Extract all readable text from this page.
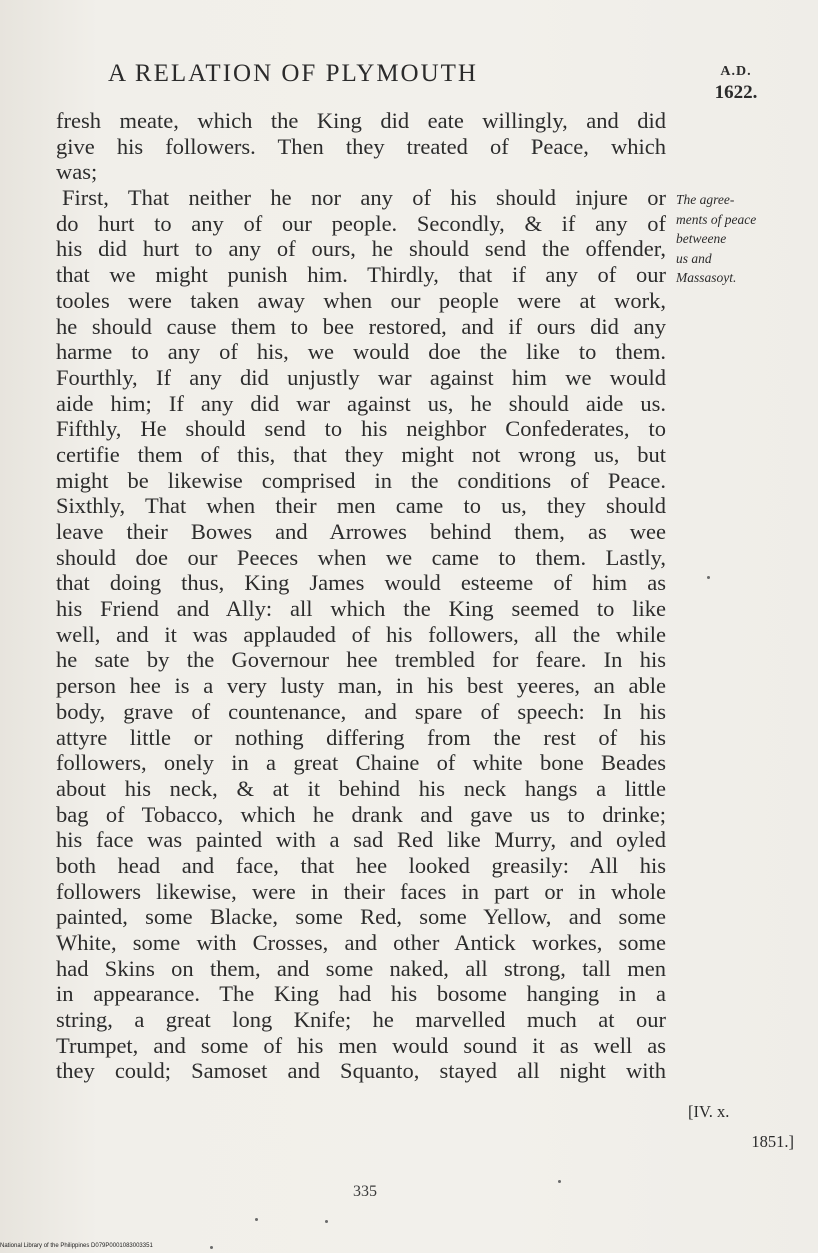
A RELATION OF PLYMOUTH	A.D.
1622.
fresh meate, which the King did eate willingly, and did
give his followers. Then they treated of Peace, which
was;
First, That neither he nor any of his should injure or
do hurt to any of our people. Secondly, & if any of
his did hurt to any of ours, he should send the offender,
that we might punish him. Thirdly, that if any of our
tooles were taken away when our people were at work,
he should cause them to bee restored, and if ours did any
harme to any of his, we would doe the like to them.
Fourthly, If any did unjustly war against him we would
aide him; If any did war against us, he should aide us.
Fifthly, He should send to his neighbor Confederates, to
certifie them of this, that they might not wrong us, but
might be likewise comprised in the conditions of Peace.
Sixthly, That when their men came to us, they should
leave their Bowes and Arrowes behind them, as wee
should doe our Peeces when we came to them. Lastly,
that doing thus, King James would esteeme of him as
his Friend and Ally: all which the King seemed to like
well, and it was applauded of his followers, all the while
he sate by the Governour hee trembled for feare. In his
person hee is a very lusty man, in his best yeeres, an able
body, grave of countenance, and spare of speech: In his
attyre little or nothing differing from the rest of his
followers, onely in a great Chaine of white bone Beades
about his neck, & at it behind his neck hangs a little
bag of Tobacco, which he drank and gave us to drinke;
his face was painted with a sad Red like Murry, and oyled
both head and face, that hee looked greasily: All his
followers likewise, were in their faces in part or in whole
painted, some Blacke, some Red, some Yellow, and some
White, some with Crosses, and other Antick workes, some
had Skins on them, and some naked, all strong, tall men
in appearance. The King had his bosome hanging in a
string, a great long Knife; he marvelled much at our
Trumpet, and some of his men would sound it as well as
they could; Samoset and Squanto, stayed all night with
The agree-
ments of peace
betweene
us and
Massasoyt.
[IV. x.
1851.]
335
National Library of the Philippines D079P0001083003351
